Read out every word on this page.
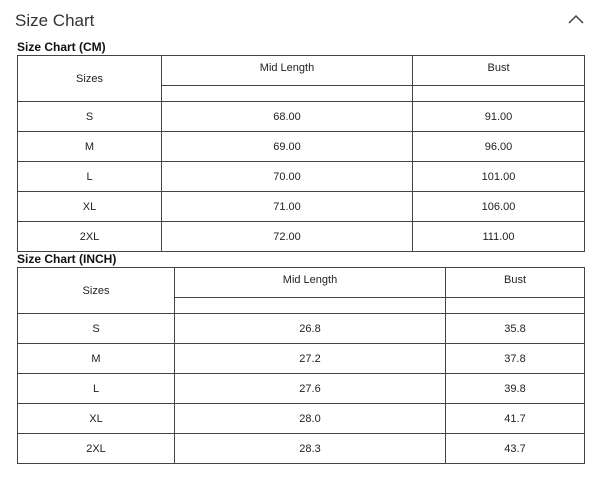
Size Chart
Size Chart (CM)
Sizes	Mid Length	Bust

S	68.00	91.00
M	69.00	96.00
L	70.00	101.00
XL	71.00	106.00
2XL	72.00	111.00
Size Chart (INCH)
Sizes	Mid Length	Bust

S	26.8	35.8
M	27.2	37.8
L	27.6	39.8
XL	28.0	41.7
2XL	28.3	43.7
